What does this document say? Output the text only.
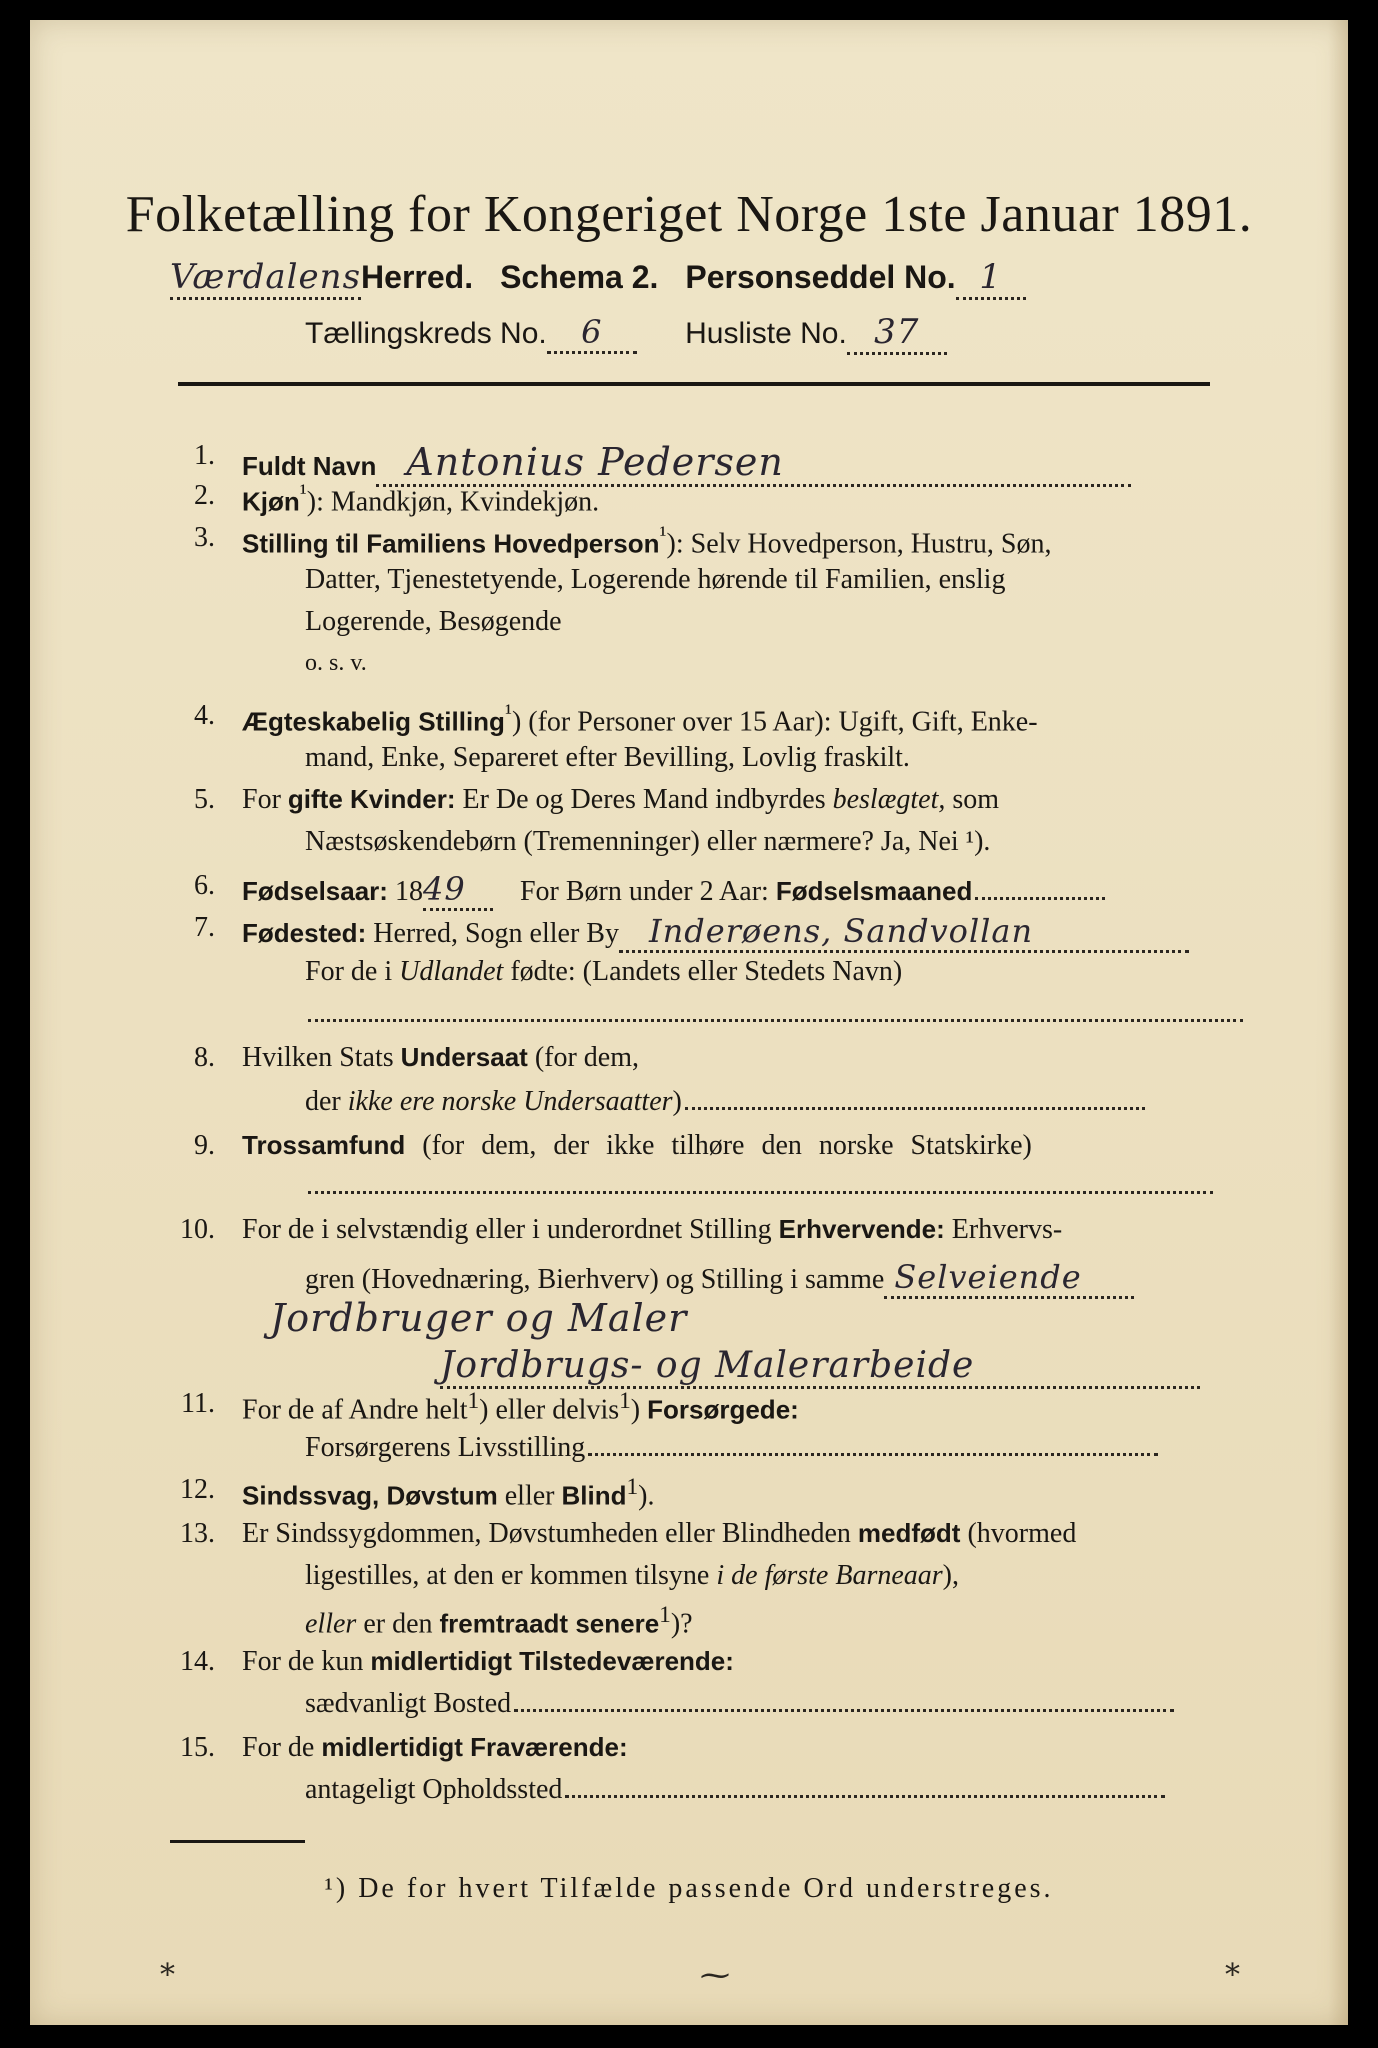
Folketælling for Kongeriget Norge 1ste Januar 1891.
VærdalensHerred. Schema 2. Personseddel No. 1
Tællingskreds No. 6	Husliste No. 37
1. Fuldt Navn Antonius Pedersen
2. Kjøn$^{^1}$): Mandkjøn, Kvindekjøn.
3. Stilling til Familiens Hovedperson$^{^1}$): Selv Hovedperson, Hustru, Søn,
Datter, Tjenestetyende, Logerende hørende til Familien, enslig
Logerende, Besøgende
o. s. v.
4. Ægteskabelig Stilling$^{^1}$) (for Personer over 15 Aar): Ugift, Gift, Enke-
mand, Enke, Separeret efter Bevilling, Lovlig fraskilt.
5. For gifte Kvinder: Er De og Deres Mand indbyrdes beslægtet, som
Næstsøskendebørn (Tremenninger) eller nærmere? Ja, Nei ¹).
6. Fødselsaar: 1849 For Børn under 2 Aar: Fødselsmaaned
7. Fødested: Herred, Sogn eller By Inderøens, Sandvollan
For de i Udlandet fødte: (Landets eller Stedets Navn)
8. Hvilken Stats Undersaat (for dem,
der ikke ere norske Undersaatter)
9. Trossamfund (for dem, der ikke tilhøre den norske Statskirke)
10. For de i selvstændig eller i underordnet Stilling Erhvervende: Erhvervs-
gren (Hovednæring, Bierhverv) og Stilling i samme Selveiende
Jordbruger og Maler
Jordbrugs- og Malerarbeide
11. For de af Andre helt$^1$) eller delvis$^1$) Forsørgede:
Forsørgerens Livsstilling
12. Sindssvag, Døvstum eller Blind$^1$).
13. Er Sindssygdommen, Døvstumheden eller Blindheden medfødt (hvormed
ligestilles, at den er kommen tilsyne i de første Barneaar),
eller er den fremtraadt senere$^1$)?
14. For de kun midlertidigt Tilstedeværende:
sædvanligt Bosted
15. For de midlertidigt Fraværende:
antageligt Opholdssted
¹) De for hvert Tilfælde passende Ord understreges.
⁎	⁓	⁎
